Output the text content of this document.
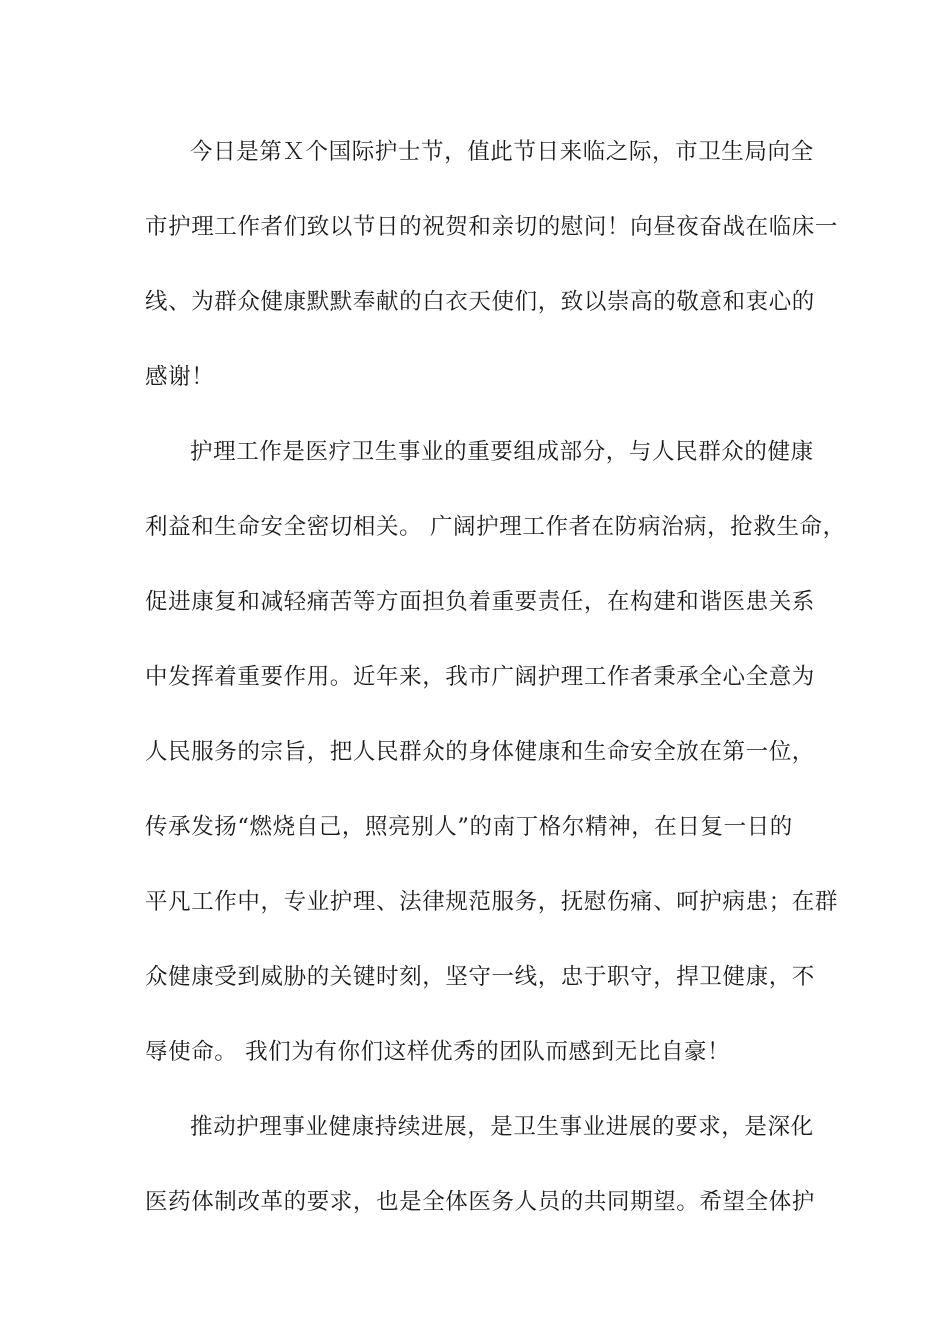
今日是第Ｘ个国际护士节，值此节日来临之际，市卫生局向全
市护理工作者们致以节日的祝贺和亲切的慰问！向昼夜奋战在临床一
线、为群众健康默默奉献的白衣天使们，致以崇高的敬意和衷心的
感谢！
护理工作是医疗卫生事业的重要组成部分，与人民群众的健康
利益和生命安全密切相关。 广阔护理工作者在防病治病，抢救生命，
促进康复和减轻痛苦等方面担负着重要责任，在构建和谐医患关系
中发挥着重要作用。近年来，我市广阔护理工作者秉承全心全意为
人民服务的宗旨，把人民群众的身体健康和生命安全放在第一位，
传承发扬“燃烧自己，照亮别人”的南丁格尔精神，在日复一日的
平凡工作中，专业护理、法律规范服务，抚慰伤痛、呵护病患；在群
众健康受到威胁的关键时刻，坚守一线，忠于职守，捍卫健康，不
辱使命。 我们为有你们这样优秀的团队而感到无比自豪！
推动护理事业健康持续进展，是卫生事业进展的要求，是深化
医药体制改革的要求，也是全体医务人员的共同期望。希望全体护
